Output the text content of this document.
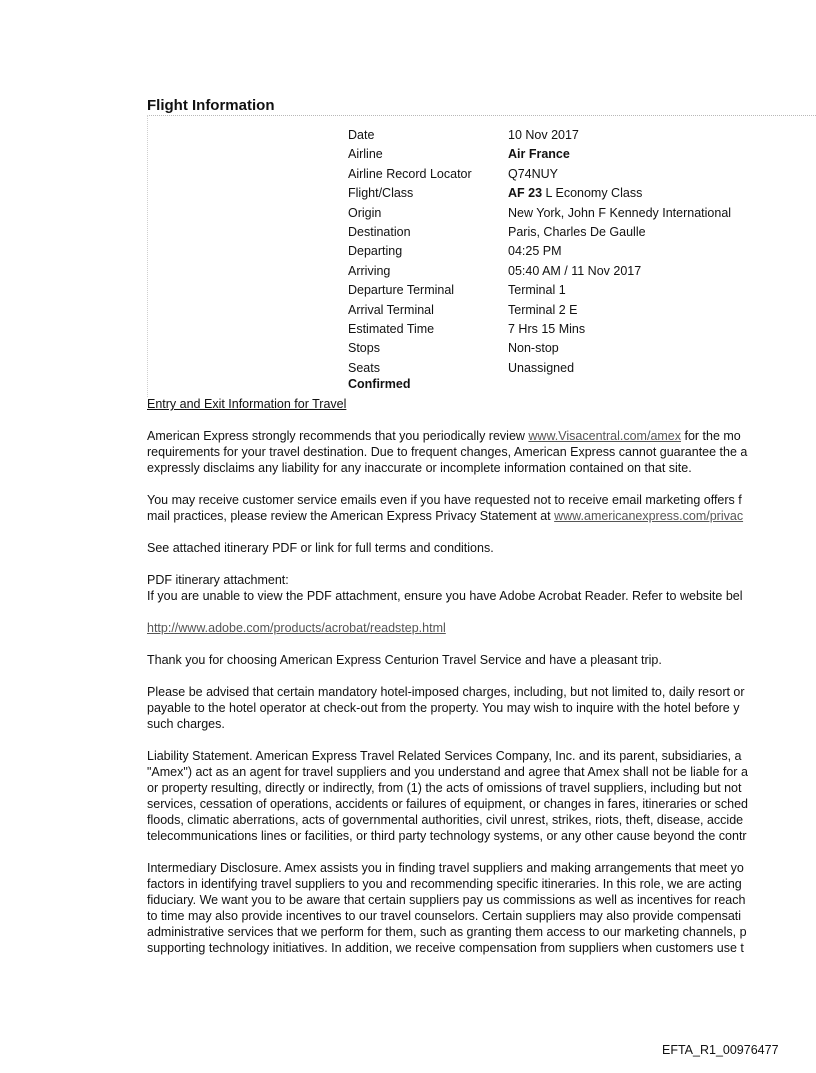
Flight Information
Date	10 Nov 2017
Airline	Air France
Airline Record Locator	Q74NUY
Flight/Class	AF 23 L Economy Class
Origin	New York, John F Kennedy International
Destination	Paris, Charles De Gaulle
Departing	04:25 PM
Arriving	05:40 AM / 11 Nov 2017
Departure Terminal	Terminal 1
Arrival Terminal	Terminal 2 E
Estimated Time	7 Hrs 15 Mins
Stops	Non-stop
Seats	Unassigned
Confirmed

Entry and Exit Information for Travel

American Express strongly recommends that you periodically review www.Visacentral.com/amex for the mo
requirements for your travel destination. Due to frequent changes, American Express cannot guarantee the a
expressly disclaims any liability for any inaccurate or incomplete information contained on that site.

You may receive customer service emails even if you have requested not to receive email marketing offers f
mail practices, please review the American Express Privacy Statement at www.americanexpress.com/privac

See attached itinerary PDF or link for full terms and conditions.

PDF itinerary attachment:
If you are unable to view the PDF attachment, ensure you have Adobe Acrobat Reader. Refer to website bel

http://www.adobe.com/products/acrobat/readstep.html

Thank you for choosing American Express Centurion Travel Service and have a pleasant trip.

Please be advised that certain mandatory hotel-imposed charges, including, but not limited to, daily resort or
payable to the hotel operator at check-out from the property. You may wish to inquire with the hotel before y
such charges.

Liability Statement. American Express Travel Related Services Company, Inc. and its parent, subsidiaries, a
"Amex") act as an agent for travel suppliers and you understand and agree that Amex shall not be liable for a
or property resulting, directly or indirectly, from (1) the acts of omissions of travel suppliers, including but not
services, cessation of operations, accidents or failures of equipment, or changes in fares, itineraries or sched
floods, climatic aberrations, acts of governmental authorities, civil unrest, strikes, riots, theft, disease, accide
telecommunications lines or facilities, or third party technology systems, or any other cause beyond the contr

Intermediary Disclosure. Amex assists you in finding travel suppliers and making arrangements that meet yo
factors in identifying travel suppliers to you and recommending specific itineraries. In this role, we are acting
fiduciary. We want you to be aware that certain suppliers pay us commissions as well as incentives for reach
to time may also provide incentives to our travel counselors. Certain suppliers may also provide compensati
administrative services that we perform for them, such as granting them access to our marketing channels, p
supporting technology initiatives. In addition, we receive compensation from suppliers when customers use t

EFTA_R1_00976477
